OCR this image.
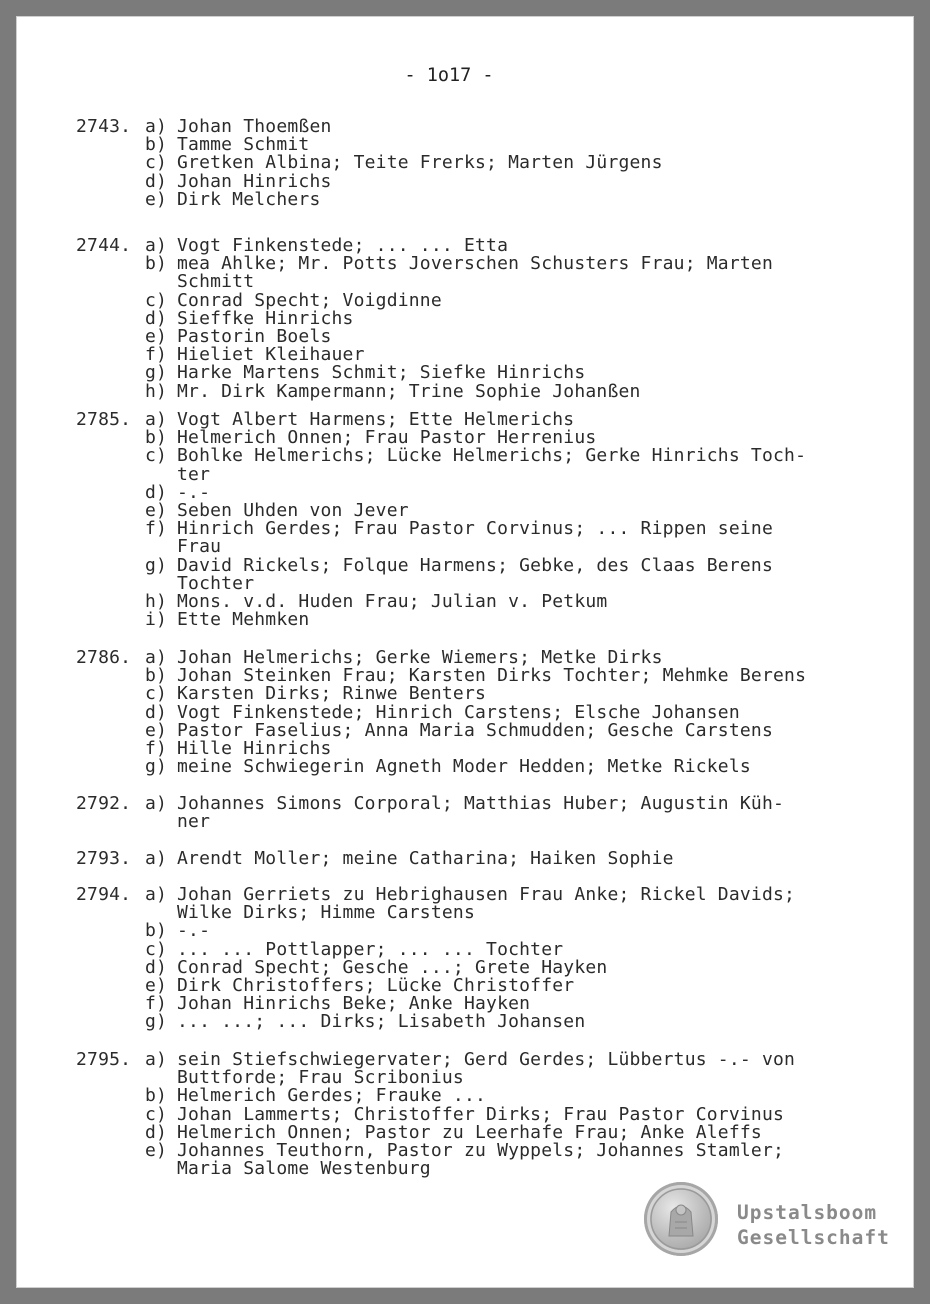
2743. a) Johan Thoemßen
b) Tamme Schmit
c) Gretken Albina; Teite Frerks; Marten Jürgens
d) Johan Hinrichs
e) Dirk Melchers
2744. a) Vogt Finkenstede; ... ... Etta
b) mea Ahlke; Mr. Potts Joverschen Schusters Frau; Marten
Schmitt
c) Conrad Specht; Voigdinne
d) Sieffke Hinrichs
e) Pastorin Boels
f) Hieliet Kleihauer
g) Harke Martens Schmit; Siefke Hinrichs
h) Mr. Dirk Kampermann; Trine Sophie Johanßen
2785. a) Vogt Albert Harmens; Ette Helmerichs
b) Helmerich Onnen; Frau Pastor Herrenius
c) Bohlke Helmerichs; Lücke Helmerichs; Gerke Hinrichs Toch-
ter
d) -.-
e) Seben Uhden von Jever
f) Hinrich Gerdes; Frau Pastor Corvinus; ... Rippen seine
Frau
g) David Rickels; Folque Harmens; Gebke, des Claas Berens
Tochter
h) Mons. v.d. Huden Frau; Julian v. Petkum
i) Ette Mehmken
2786. a) Johan Helmerichs; Gerke Wiemers; Metke Dirks
b) Johan Steinken Frau; Karsten Dirks Tochter; Mehmke Berens
c) Karsten Dirks; Rinwe Benters
d) Vogt Finkenstede; Hinrich Carstens; Elsche Johansen
e) Pastor Faselius; Anna Maria Schmudden; Gesche Carstens
f) Hille Hinrichs
g) meine Schwiegerin Agneth Moder Hedden; Metke Rickels
2792. a) Johannes Simons Corporal; Matthias Huber; Augustin Küh-
ner
2793. a) Arendt Moller; meine Catharina; Haiken Sophie
2794. a) Johan Gerriets zu Hebrighausen Frau Anke; Rickel Davids;
Wilke Dirks; Himme Carstens
b) -.-
c) ... ... Pottlapper; ... ... Tochter
d) Conrad Specht; Gesche ...; Grete Hayken
e) Dirk Christoffers; Lücke Christoffer
f) Johan Hinrichs Beke; Anke Hayken
g) ... ...; ... Dirks; Lisabeth Johansen
2795. a) sein Stiefschwiegervater; Gerd Gerdes; Lübbertus -.- von
Buttforde; Frau Scribonius
b) Helmerich Gerdes; Frauke ...
c) Johan Lammerts; Christoffer Dirks; Frau Pastor Corvinus
d) Helmerich Onnen; Pastor zu Leerhafe Frau; Anke Aleffs
e) Johannes Teuthorn, Pastor zu Wyppels; Johannes Stamler;
Maria Salome Westenburg
- 1o17 -
Upstalsboom
Gesellschaft
